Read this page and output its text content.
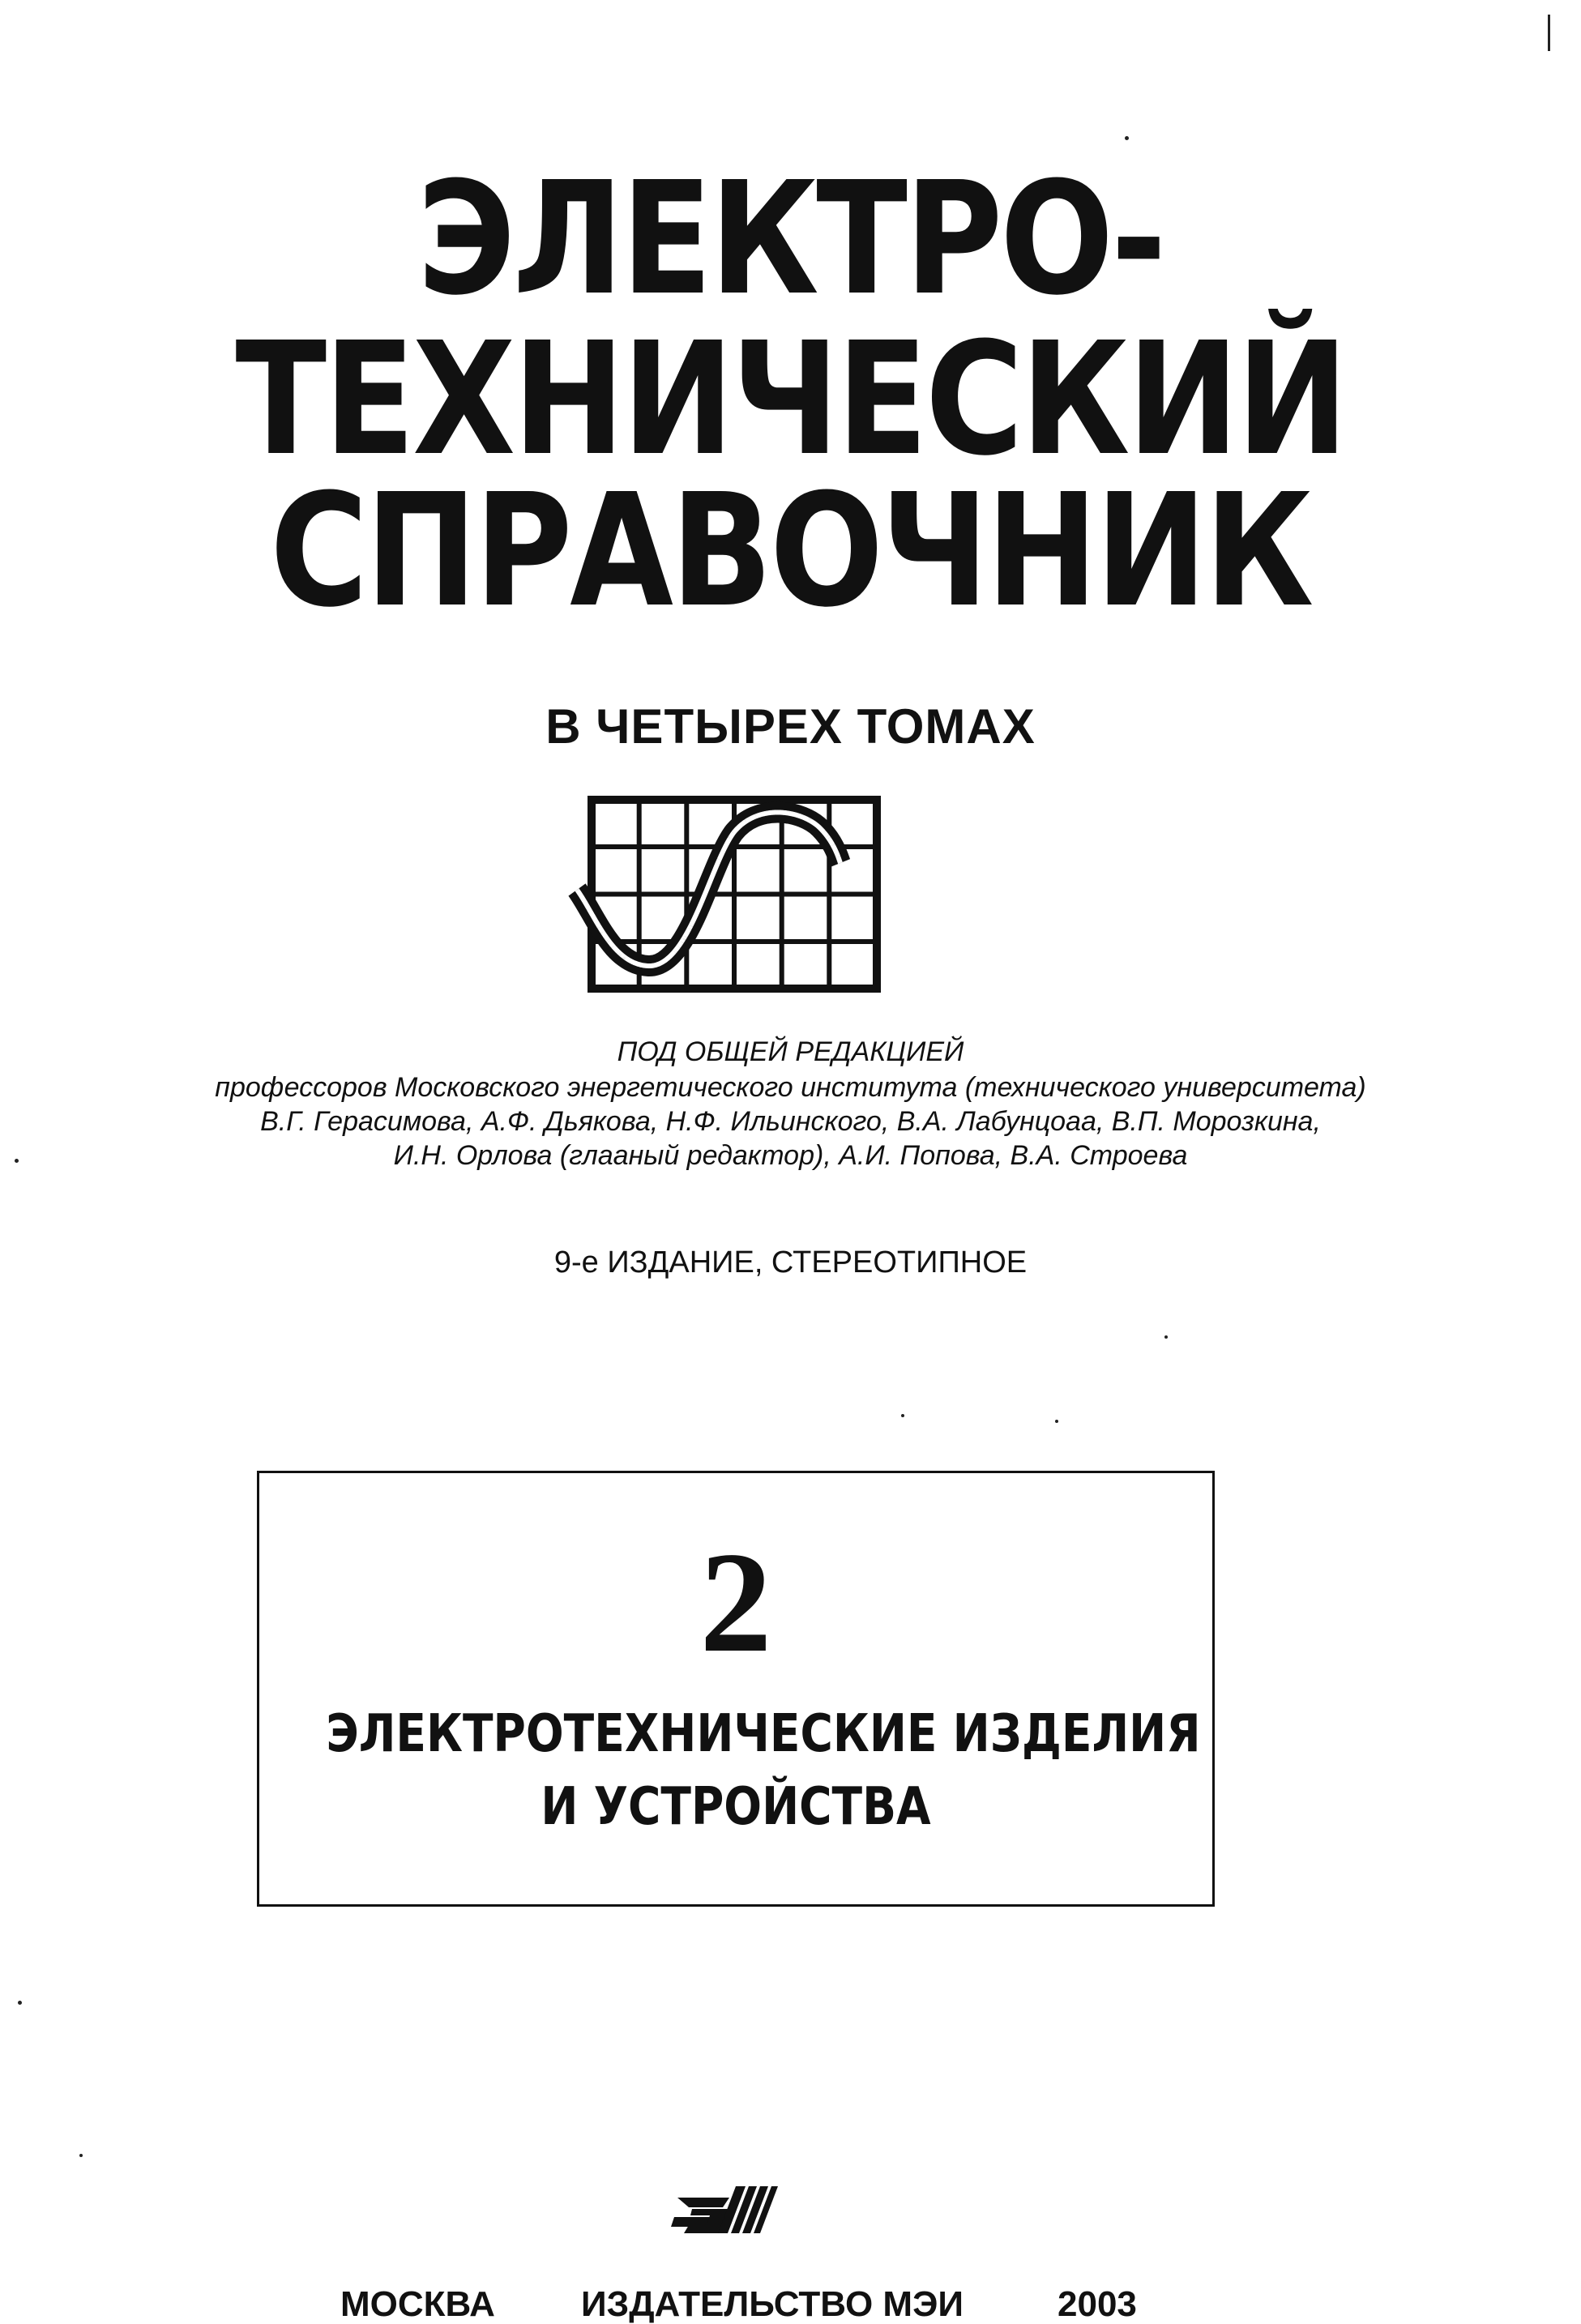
ЭЛЕКТРО-
ТЕХНИЧЕСКИЙ
СПРАВОЧНИК
В ЧЕТЫРЕХ ТОМАХ
ПОД ОБЩЕЙ РЕДАКЦИЕЙ
профессоров Московского энергетического института (технического университета)
В.Г. Герасимова, А.Ф. Дьякова, Н.Ф. Ильинского, В.А. Лабунцоаа, В.П. Морозкина,
И.Н. Орлова (глааный редактор), А.И. Попова, В.А. Строева
9-е ИЗДАНИЕ, СТЕРЕОТИПНОЕ
2
ЭЛЕКТРОТЕХНИЧЕСКИЕ ИЗДЕЛИЯ
И УСТРОЙСТВА
МОСКВА ИЗДАТЕЛЬСТВО МЭИ	2003
